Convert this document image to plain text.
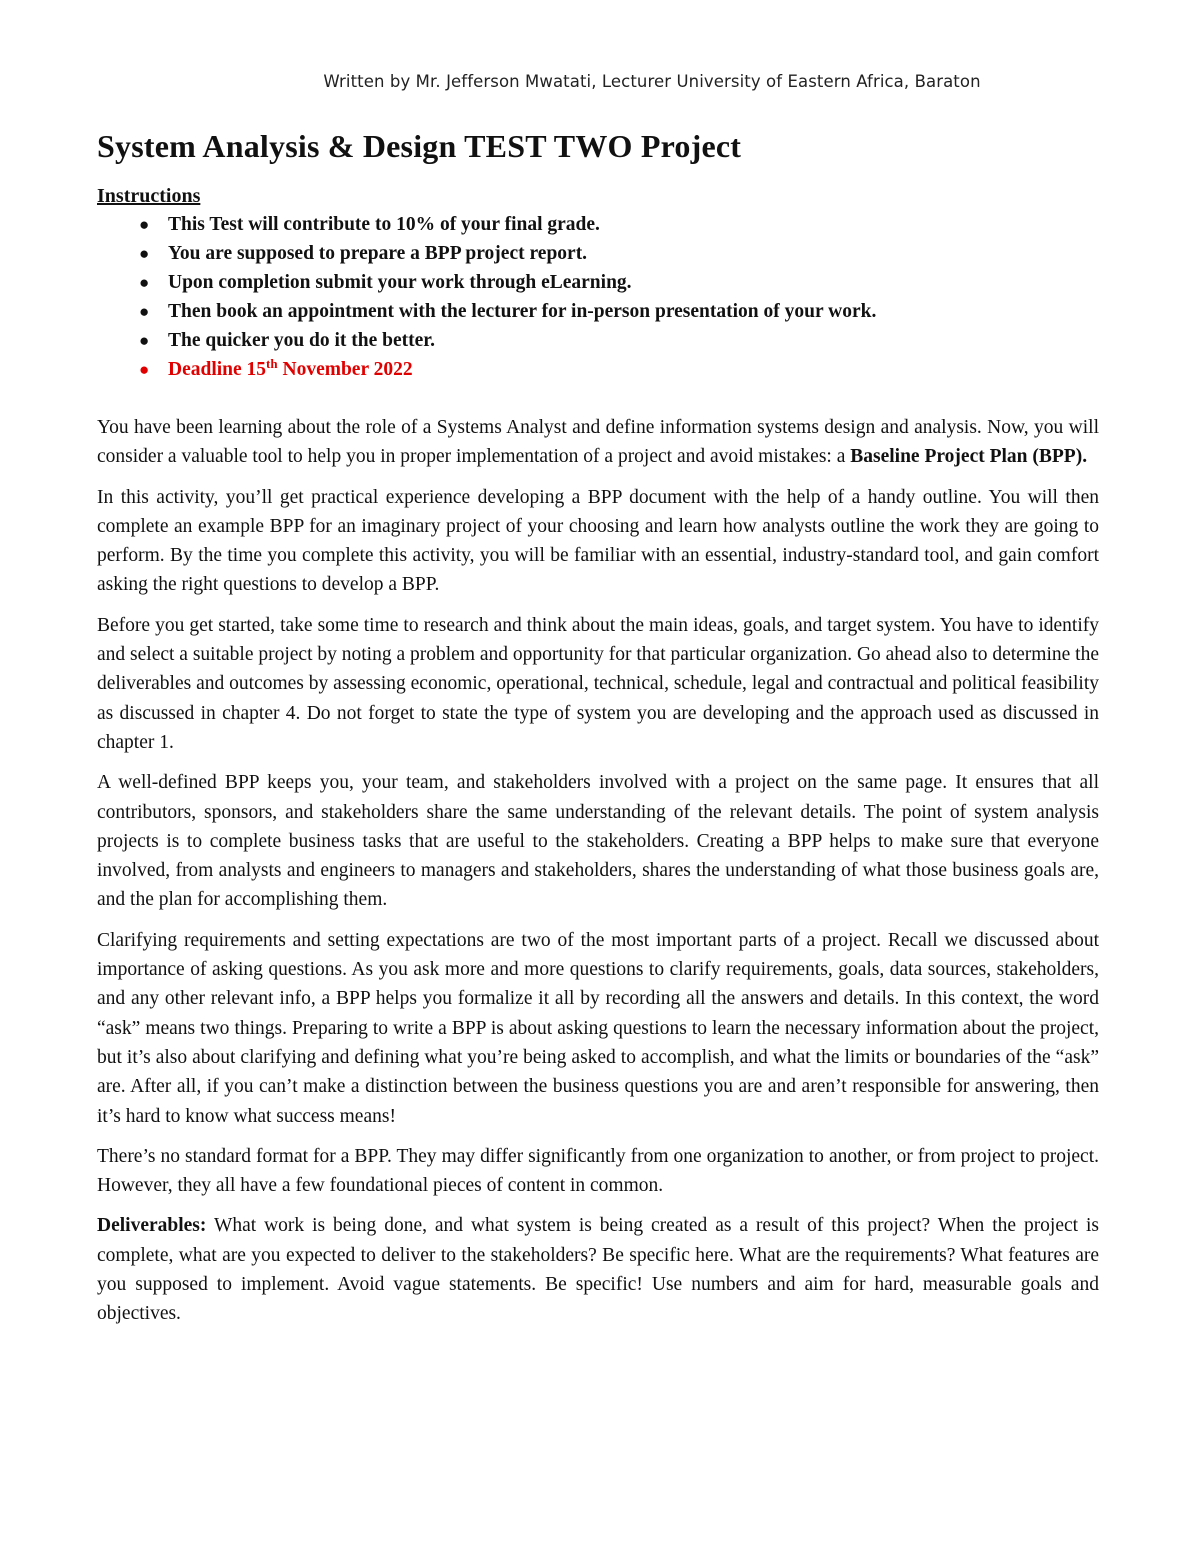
Written by Mr. Jefferson Mwatati, Lecturer University of Eastern Africa, Baraton
System Analysis & Design TEST TWO Project
Instructions
● This Test will contribute to 10% of your final grade.
● You are supposed to prepare a BPP project report.
● Upon completion submit your work through eLearning.
● Then book an appointment with the lecturer for in-person presentation of your work.
● The quicker you do it the better.
● Deadline 15th November 2022

You have been learning about the role of a Systems Analyst and define information systems design and analysis. Now, you will consider a valuable tool to help you in proper implementation of a project and avoid mistakes: a Baseline Project Plan (BPP).

In this activity, you’ll get practical experience developing a BPP document with the help of a handy outline. You will then complete an example BPP for an imaginary project of your choosing and learn how analysts outline the work they are going to perform. By the time you complete this activity, you will be familiar with an essential, industry-standard tool, and gain comfort asking the right questions to develop a BPP.

Before you get started, take some time to research and think about the main ideas, goals, and target system. You have to identify and select a suitable project by noting a problem and opportunity for that particular organization. Go ahead also to determine the deliverables and outcomes by assessing economic, operational, technical, schedule, legal and contractual and political feasibility as discussed in chapter 4. Do not forget to state the type of system you are developing and the approach used as discussed in chapter 1.

A well-defined BPP keeps you, your team, and stakeholders involved with a project on the same page. It ensures that all contributors, sponsors, and stakeholders share the same understanding of the relevant details. The point of system analysis projects is to complete business tasks that are useful to the stakeholders. Creating a BPP helps to make sure that everyone involved, from analysts and engineers to managers and stakeholders, shares the understanding of what those business goals are, and the plan for accomplishing them.

Clarifying requirements and setting expectations are two of the most important parts of a project. Recall we discussed about importance of asking questions. As you ask more and more questions to clarify requirements, goals, data sources, stakeholders, and any other relevant info, a BPP helps you formalize it all by recording all the answers and details. In this context, the word “ask” means two things. Preparing to write a BPP is about asking questions to learn the necessary information about the project, but it’s also about clarifying and defining what you’re being asked to accomplish, and what the limits or boundaries of the “ask” are. After all, if you can’t make a distinction between the business questions you are and aren’t responsible for answering, then it’s hard to know what success means!

There’s no standard format for a BPP. They may differ significantly from one organization to another, or from project to project. However, they all have a few foundational pieces of content in common.

Deliverables: What work is being done, and what system is being created as a result of this project? When the project is complete, what are you expected to deliver to the stakeholders? Be specific here. What are the requirements? What features are you supposed to implement. Avoid vague statements. Be specific! Use numbers and aim for hard, measurable goals and objectives.
